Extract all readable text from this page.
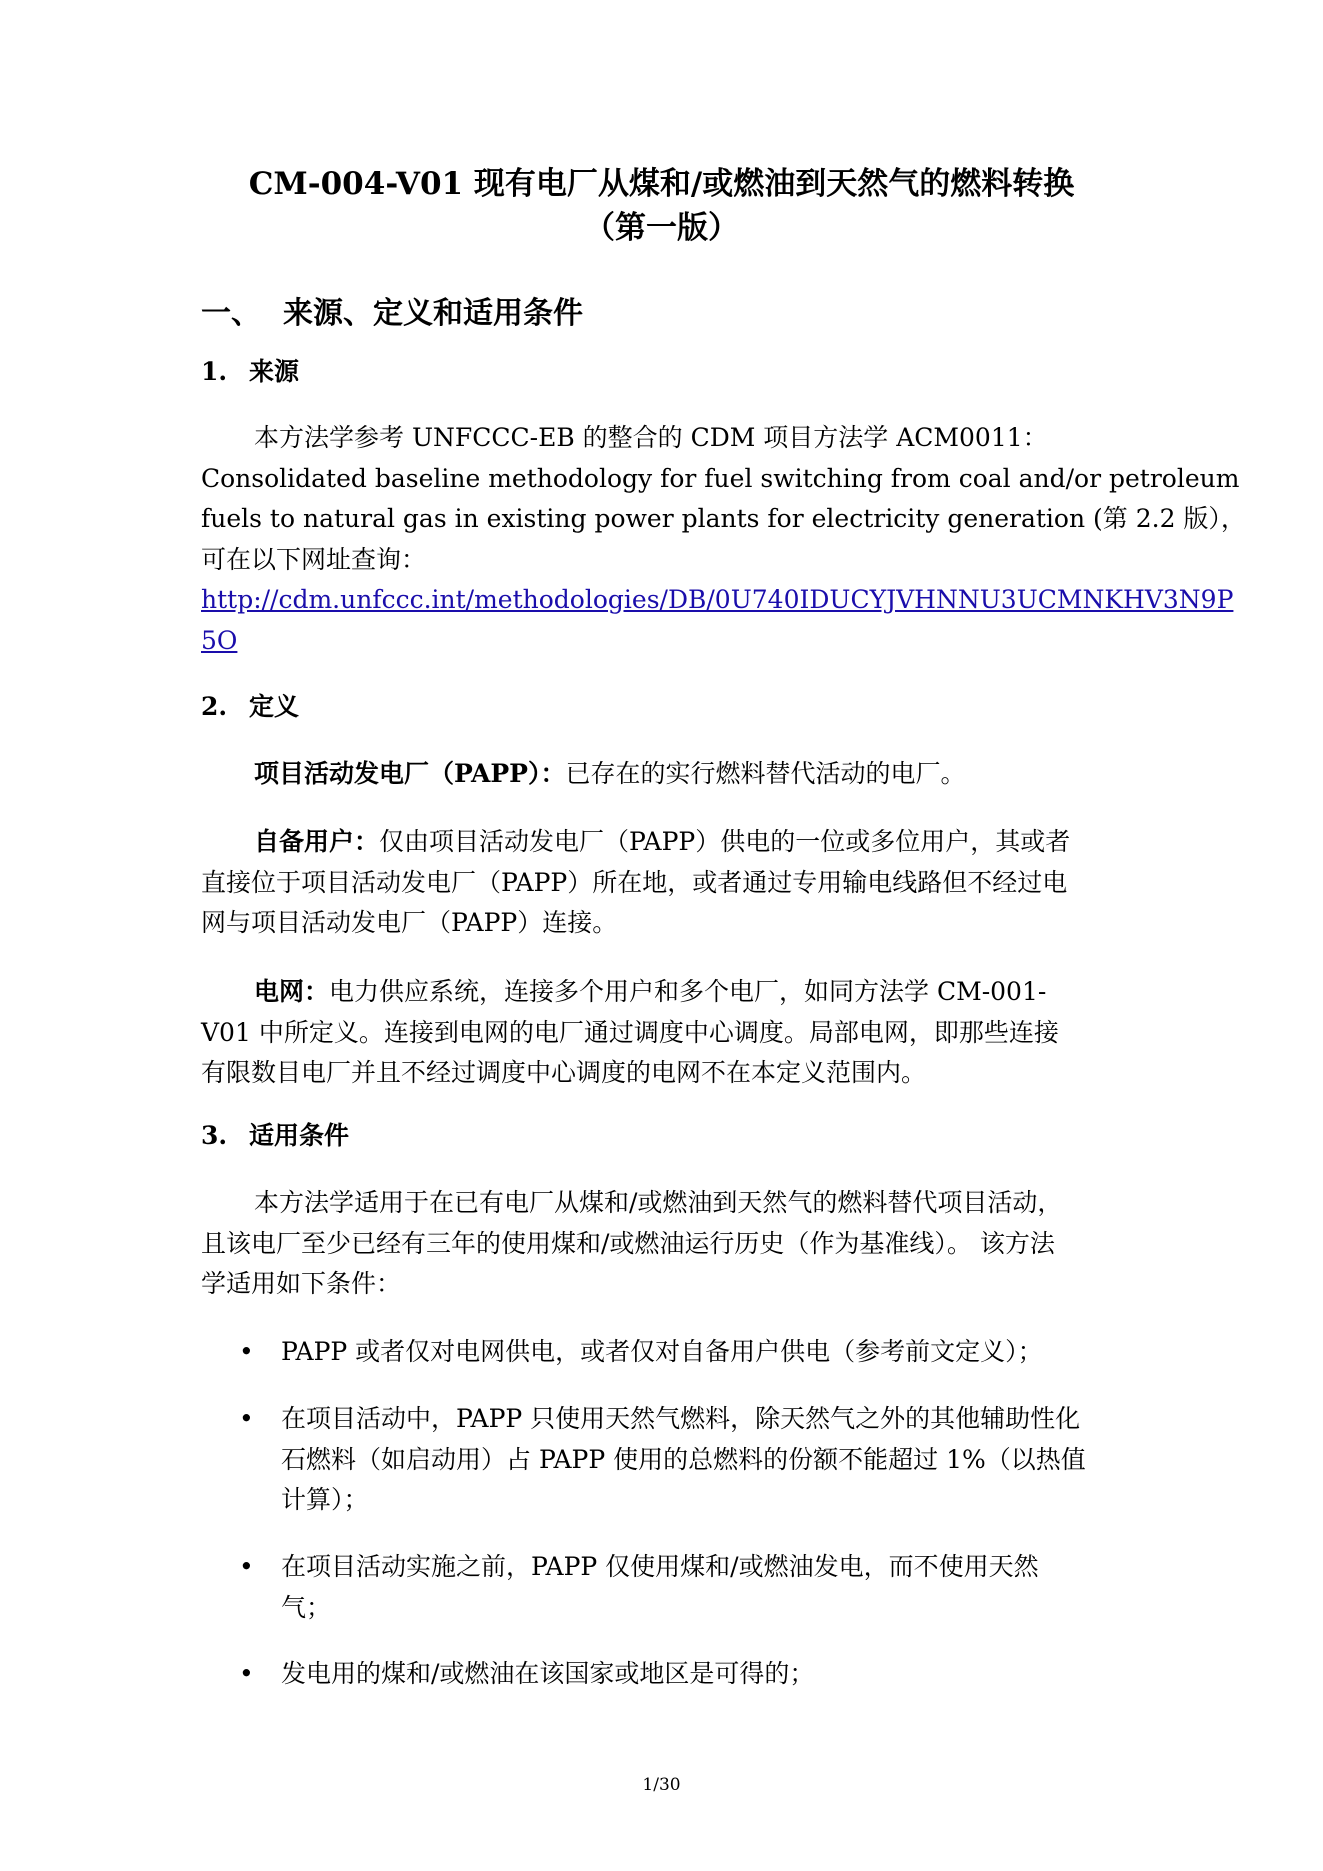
CM-004-V01 现有电厂从煤和/或燃油到天然气的燃料转换
（第一版）
一、 来源、定义和适用条件
1. 来源
本方法学参考 UNFCCC-EB 的整合的 CDM 项目方法学 ACM0011：
Consolidated baseline methodology for fuel switching from coal and/or petroleum
fuels to natural gas in existing power plants for electricity generation (第 2.2 版），
可在以下网址查询：
http://cdm.unfccc.int/methodologies/DB/0U740IDUCYJVHNNU3UCMNKHV3N9P
5O
2. 定义
项目活动发电厂（PAPP）：已存在的实行燃料替代活动的电厂。
自备用户：仅由项目活动发电厂（PAPP）供电的一位或多位用户，其或者
直接位于项目活动发电厂（PAPP）所在地，或者通过专用输电线路但不经过电
网与项目活动发电厂（PAPP）连接。
电网：电力供应系统，连接多个用户和多个电厂，如同方法学 CM-001-
V01 中所定义。连接到电网的电厂通过调度中心调度。局部电网，即那些连接
有限数目电厂并且不经过调度中心调度的电网不在本定义范围内。
3. 适用条件
本方法学适用于在已有电厂从煤和/或燃油到天然气的燃料替代项目活动，
且该电厂至少已经有三年的使用煤和/或燃油运行历史（作为基准线）。 该方法
学适用如下条件：
• PAPP 或者仅对电网供电，或者仅对自备用户供电（参考前文定义）；
• 在项目活动中，PAPP 只使用天然气燃料，除天然气之外的其他辅助性化
石燃料（如启动用）占 PAPP 使用的总燃料的份额不能超过 1%（以热值
计算）；
• 在项目活动实施之前，PAPP 仅使用煤和/或燃油发电，而不使用天然
气；
• 发电用的煤和/或燃油在该国家或地区是可得的；
1/30
